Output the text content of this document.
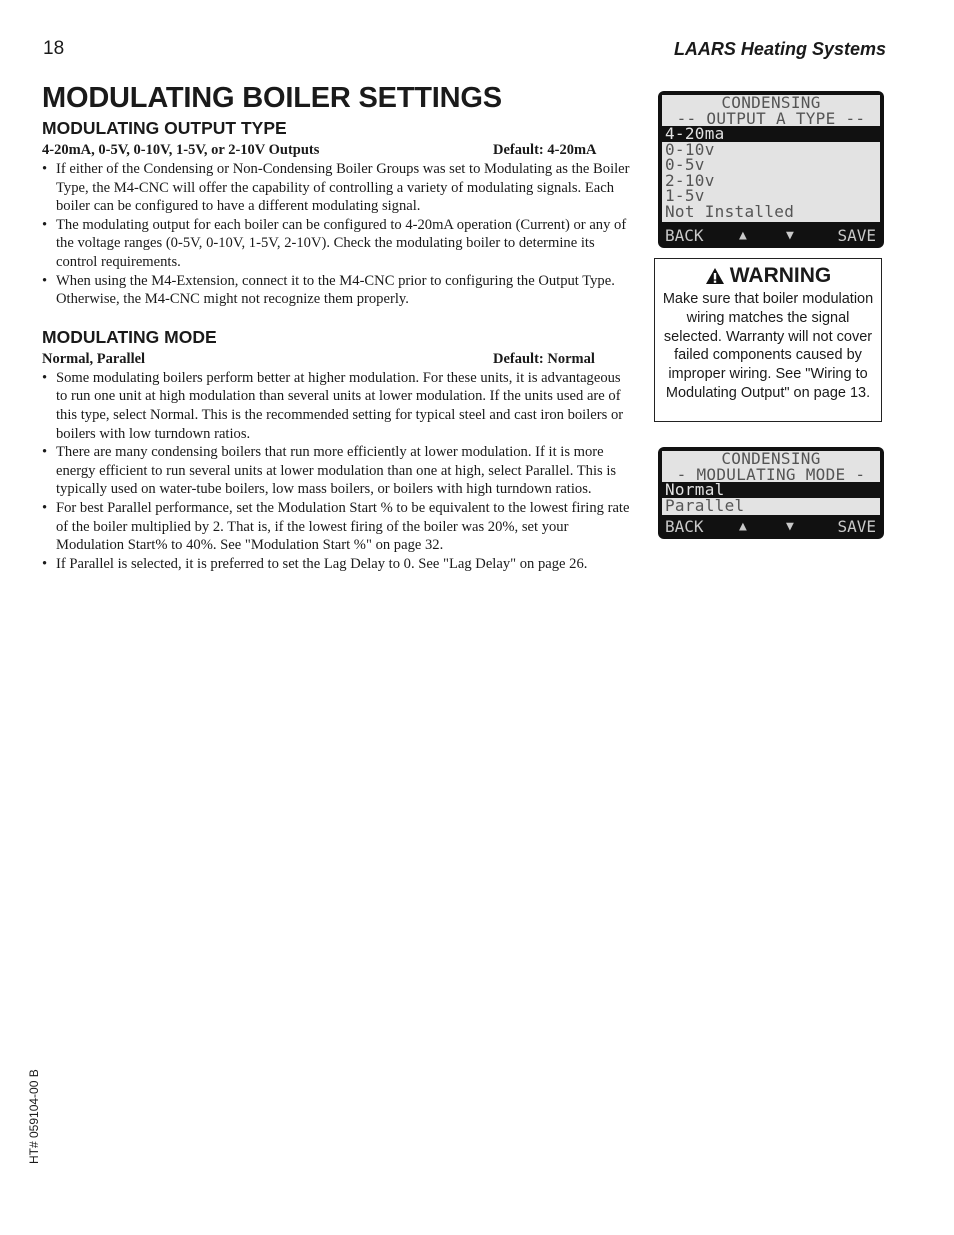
18	LAARS Heating Systems
MODULATING BOILER SETTINGS
MODULATING OUTPUT TYPE
4-20mA, 0-5V, 0-10V, 1-5V, or 2-10V Outputs	Default: 4-20mA
• If either of the Condensing or Non-Condensing Boiler Groups was set to Modulating as the Boiler Type, the M4-CNC will offer the capability of controlling a variety of modulating signals. Each boiler can be configured to have a different modulating signal.
• The modulating output for each boiler can be configured to 4-20mA operation (Current) or any of the voltage ranges (0-5V, 0-10V, 1-5V, 2-10V). Check the modulating boiler to determine its control requirements.
• When using the M4-Extension, connect it to the M4-CNC prior to configuring the Output Type. Otherwise, the M4-CNC might not recognize them properly.
MODULATING MODE
Normal, Parallel	Default: Normal
• Some modulating boilers perform better at higher modulation. For these units, it is advantageous to run one unit at high modulation than several units at lower modulation. If the units used are of this type, select Normal. This is the recommended setting for typical steel and cast iron boilers or boilers with low turndown ratios.
• There are many condensing boilers that run more efficiently at lower modulation. If it is more energy efficient to run several units at lower modulation than one at high, select Parallel. This is typically used on water-tube boilers, low mass boilers, or boilers with high turndown ratios.
• For best Parallel performance, set the Modulation Start % to be equivalent to the lowest firing rate of the boiler multiplied by 2. That is, if the lowest firing of the boiler was 20%, set your Modulation Start% to 40%. See "Modulation Start %" on page 32.
• If Parallel is selected, it is preferred to set the Lag Delay to 0. See "Lag Delay" on page 26.
CONDENSING
-- OUTPUT A TYPE --
4-20ma
0-10v
0-5v
2-10v
1-5v
Not Installed
BACK	▲	▼	SAVE
WARNING
Make sure that boiler modulation wiring matches the signal selected. Warranty will not cover failed components caused by improper wiring. See "Wiring to Modulating Output" on page 13.
CONDENSING
- MODULATING MODE -
Normal
Parallel
BACK	▲	▼	SAVE
HT# 059104-00 B
